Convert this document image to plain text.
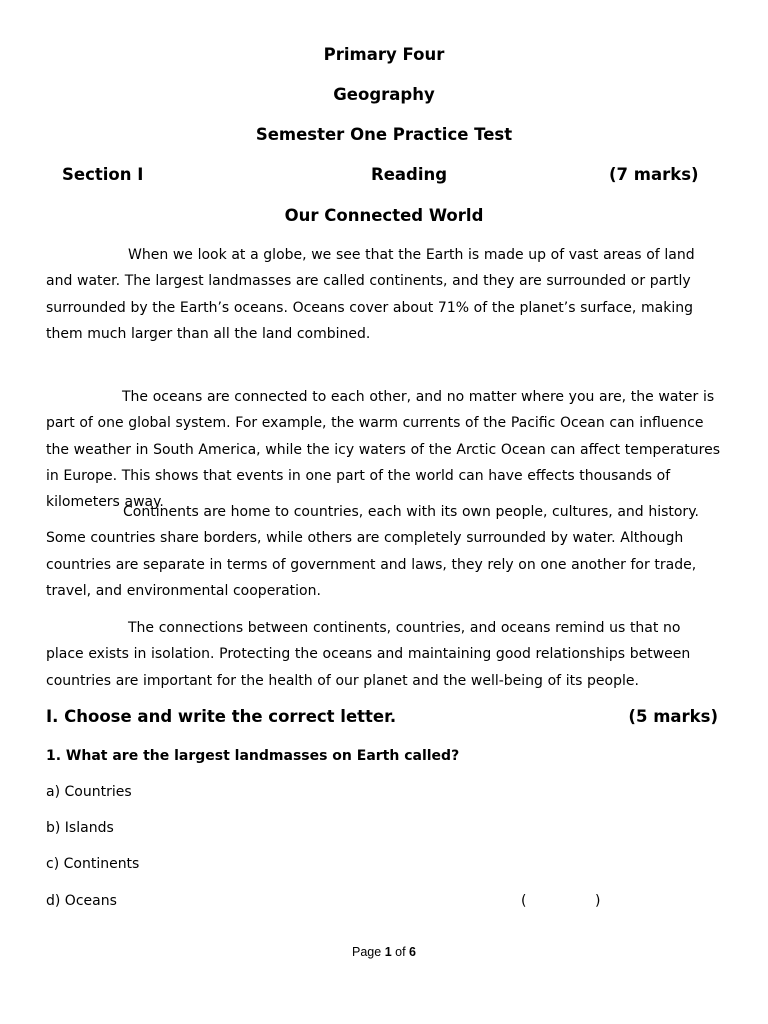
Primary Four
Geography
Semester One Practice Test
Section I	Reading	(7 marks)
Our Connected World

When we look at a globe, we see that the Earth is made up of vast areas of land and water. The largest landmasses are called continents, and they are surrounded or partly surrounded by the Earth’s oceans. Oceans cover about 71% of the planet’s surface, making them much larger than all the land combined.

The oceans are connected to each other, and no matter where you are, the water is part of one global system. For example, the warm currents of the Pacific Ocean can influence the weather in South America, while the icy waters of the Arctic Ocean can affect temperatures in Europe. This shows that events in one part of the world can have effects thousands of kilometers away.

Continents are home to countries, each with its own people, cultures, and history. Some countries share borders, while others are completely surrounded by water. Although countries are separate in terms of government and laws, they rely on one another for trade, travel, and environmental cooperation.

The connections between continents, countries, and oceans remind us that no place exists in isolation. Protecting the oceans and maintaining good relationships between countries are important for the health of our planet and the well-being of its people.

I. Choose and write the correct letter.	(5 marks)
1. What are the largest landmasses on Earth called?
a) Countries
b) Islands
c) Continents
d) Oceans	(	)
Page 1 of 6
